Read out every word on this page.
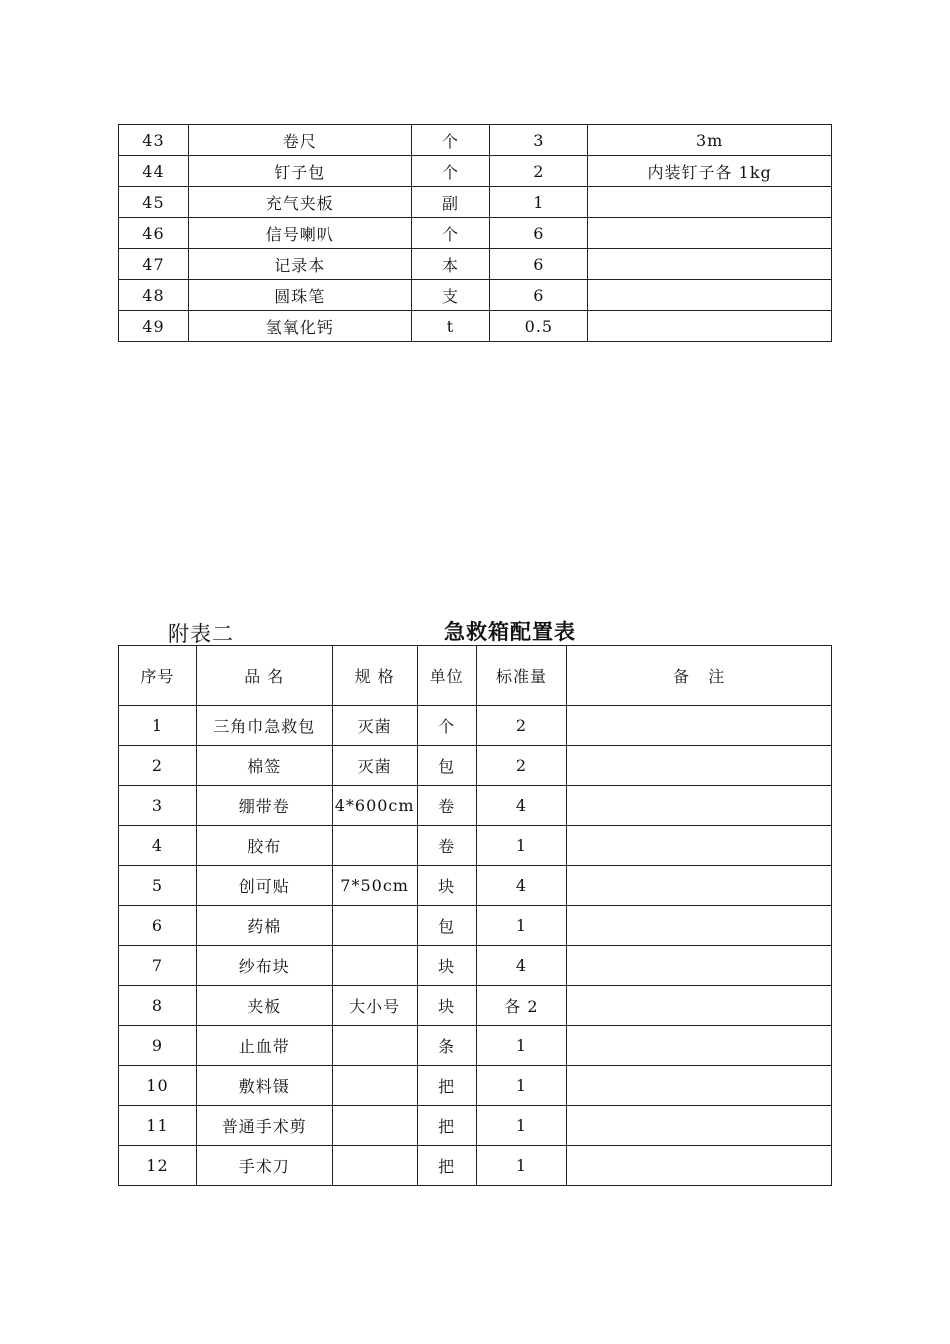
43	卷尺	个	3	3m
44	钉子包	个	2	内装钉子各 1kg
45	充气夹板	副	1	
46	信号喇叭	个	6	
47	记录本	本	6	
48	圆珠笔	支	6	
49	氢氧化钙	t	0.5	
附表二	急救箱配置表
序号	品 名	规 格	单位	标准量	备   注
1	三角巾急救包	灭菌	个	2	
2	棉签	灭菌	包	2	
3	绷带卷	4*600cm	卷	4	
4	胶布		卷	1	
5	创可贴	7*50cm	块	4	
6	药棉		包	1	
7	纱布块		块	4	
8	夹板	大小号	块	各 2	
9	止血带		条	1	
10	敷料镊		把	1	
11	普通手术剪		把	1	
12	手术刀		把	1	
